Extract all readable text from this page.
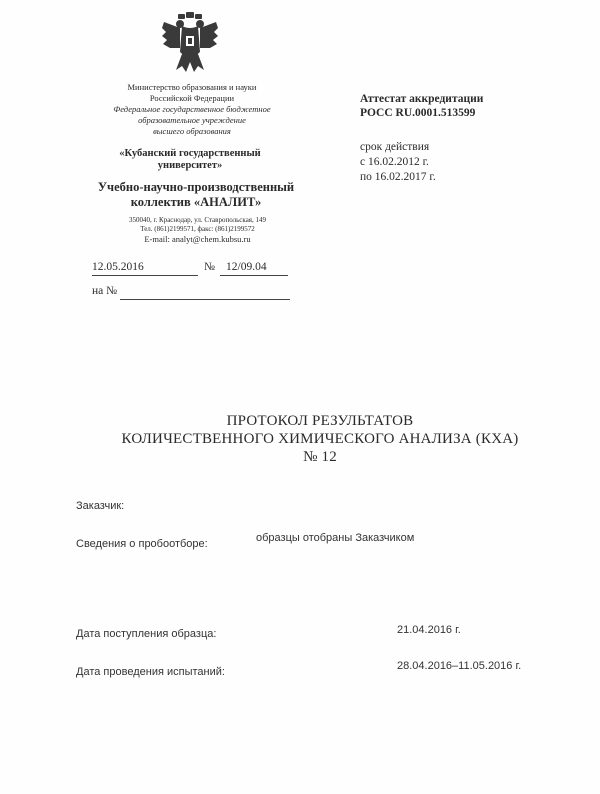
Министерство образования и науки
Российской Федерации
Федеральное государственное бюджетное
образовательное учреждение
высшего образования
«Кубанский государственный
университет»
Учебно-научно-производственный
коллектив «АНАЛИТ»
350040, г. Краснодар, ул. Ставропольская, 149
Тел. (861)2199571, факс: (861)2199572
E-mail: analyt@chem.kubsu.ru
Аттестат аккредитации
РОСС RU.0001.513599
срок действия
с 16.02.2012 г.
по 16.02.2017 г.
12.05.2016	№ 12/09.04
на №
ПРОТОКОЛ РЕЗУЛЬТАТОВ
КОЛИЧЕСТВЕННОГО ХИМИЧЕСКОГО АНАЛИЗА (КХА)
№ 12
Заказчик:
Сведения о пробоотборе:	образцы отобраны Заказчиком
Дата поступления образца:	21.04.2016 г.
Дата проведения испытаний:	28.04.2016–11.05.2016 г.
